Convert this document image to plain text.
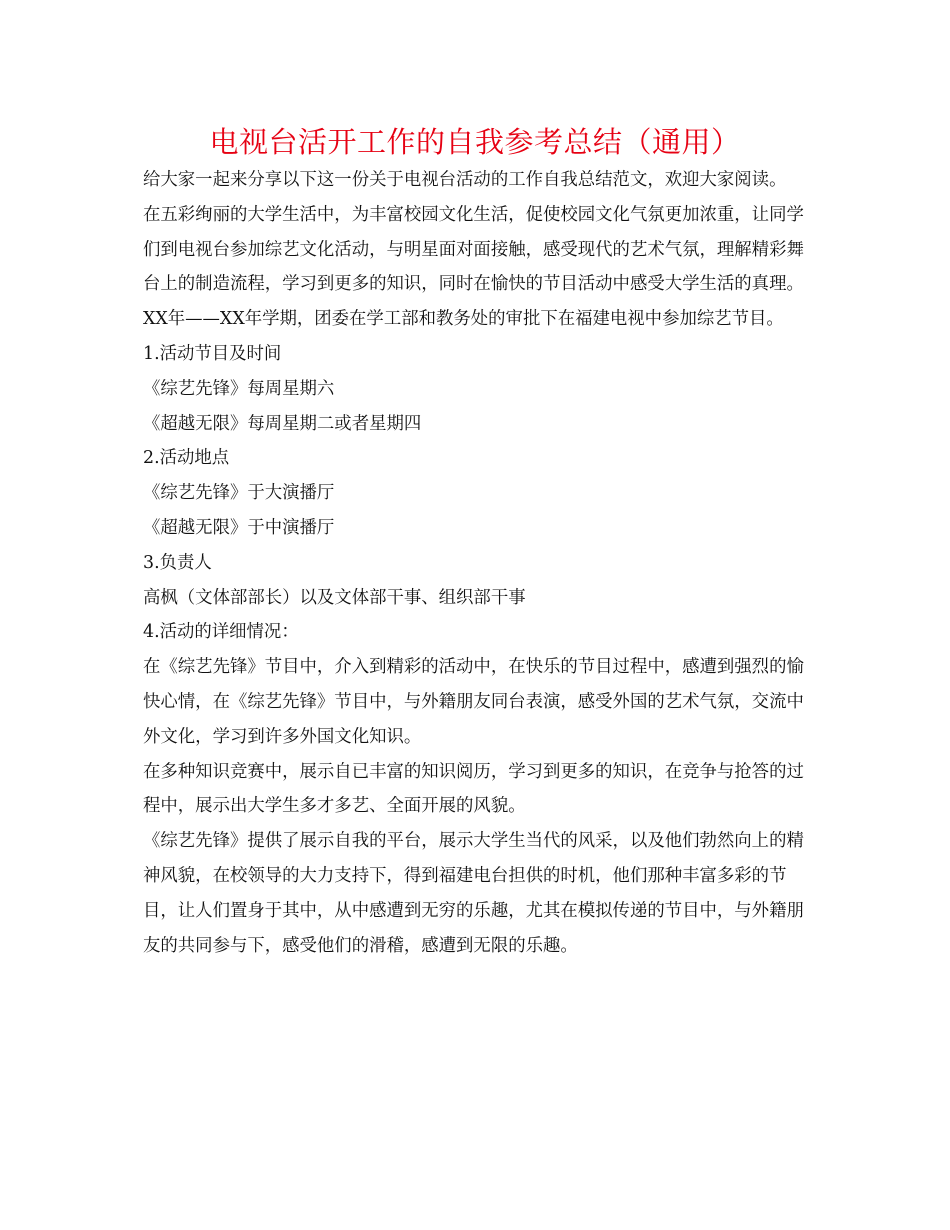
电视台活开工作的自我参考总结（通用）

给大家一起来分享以下这一份关于电视台活动的工作自我总结范文，欢迎大家阅读。

在五彩绚丽的大学生活中，为丰富校园文化生活，促使校园文化气氛更加浓重，让同学们到电视台参加综艺文化活动，与明星面对面接触，感受现代的艺术气氛，理解精彩舞台上的制造流程，学习到更多的知识，同时在愉快的节目活动中感受大学生活的真理。XX年——XX年学期，团委在学工部和教务处的审批下在福建电视中参加综艺节目。

1.活动节目及时间

《综艺先锋》每周星期六

《超越无限》每周星期二或者星期四

2.活动地点

《综艺先锋》于大演播厅

《超越无限》于中演播厅

3.负责人

高枫（文体部部长）以及文体部干事、组织部干事

4.活动的详细情况：

在《综艺先锋》节目中，介入到精彩的活动中，在快乐的节目过程中，感遭到强烈的愉快心情，在《综艺先锋》节目中，与外籍朋友同台表演，感受外国的艺术气氛，交流中外文化，学习到许多外国文化知识。

在多种知识竞赛中，展示自已丰富的知识阅历，学习到更多的知识，在竞争与抢答的过程中，展示出大学生多才多艺、全面开展的风貌。

《综艺先锋》提供了展示自我的平台，展示大学生当代的风采，以及他们勃然向上的精神风貌，在校领导的大力支持下，得到福建电台担供的时机，他们那种丰富多彩的节目，让人们置身于其中，从中感遭到无穷的乐趣，尤其在模拟传递的节目中，与外籍朋友的共同参与下，感受他们的滑稽，感遭到无限的乐趣。
